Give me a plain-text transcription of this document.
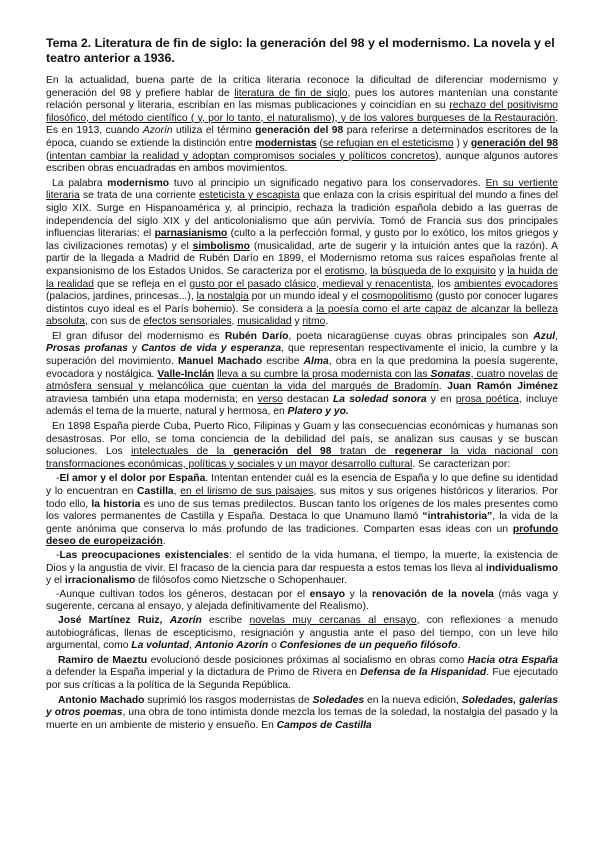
Tema 2. Literatura de fin de siglo: la generación del 98 y el modernismo. La novela y el teatro anterior a 1936.
En la actualidad, buena parte de la crítica literaria reconoce la dificultad de diferenciar modernismo y generación del 98 y prefiere hablar de literatura de fin de siglo, pues los autores mantenían una constante relación personal y literaria, escribían en las mismas publicaciones y coincidían en su rechazo del positivismo filosófico, del método científico ( y, por lo tanto, el naturalismo), y de los valores burgueses de la Restauración. Es en 1913, cuando Azorín utiliza el término generación del 98 para referirse a determinados escritores de la época, cuando se extiende la distinción entre modernistas (se refugian en el esteticismo ) y generación del 98 (intentan cambiar la realidad y adoptan compromisos sociales y políticos concretos), aunque algunos autores escriben obras encuadradas en ambos movimientos.
La palabra modernismo tuvo al principio un significado negativo para los conservadores. En su vertiente literaria se trata de una corriente esteticista y escapista que enlaza con la crisis espiritual del mundo a fines del siglo XIX. Surge en Hispanoamérica y, al principio, rechaza la tradición española debido a las guerras de independencia del siglo XIX y del anticolonialismo que aún pervivía. Tomó de Francia sus dos principales influencias literarias: el parnasianismo (culto a la perfección formal, y gusto por lo exótico, los mitos griegos y las civilizaciones remotas) y el simbolismo (musicalidad, arte de sugerir y la intuición antes que la razón). A partir de la llegada a Madrid de Rubén Darío en 1899, el Modernismo retoma sus raíces españolas frente al expansionismo de los Estados Unidos. Se caracteriza por el erotismo, la búsqueda de lo exquisito y la huida de la realidad que se refleja en el gusto por el pasado clásico, medieval y renacentista, los ambientes evocadores (palacios, jardines, princesas...), la nostalgia por un mundo ideal y el cosmopolitismo (gusto por conocer lugares distintos cuyo ideal es el París bohemio). Se considera a la poesía como el arte capaz de alcanzar la belleza absoluta, con sus de efectos sensoriales, musicalidad y ritmo.
El gran difusor del modernismo es Rubén Darío, poeta nicaragüense cuyas obras principales son Azul, Prosas profanas y Cantos de vida y esperanza, que representan respectivamente el inicio, la cumbre y la superación del movimiento. Manuel Machado escribe Alma, obra en la que predomina la poesía sugerente, evocadora y nostálgica. Valle-Inclán lleva a su cumbre la prosa modernista con las Sonatas, cuatro novelas de atmósfera sensual y melancólica que cuentan la vida del marqués de Bradomín. Juan Ramón Jiménez atraviesa también una etapa modernista; en verso destacan La soledad sonora y en prosa poética, incluye además el tema de la muerte, natural y hermosa, en Platero y yo.
En 1898 España pierde Cuba, Puerto Rico, Filipinas y Guam y las consecuencias económicas y humanas son desastrosas. Por ello, se toma conciencia de la debilidad del país, se analizan sus causas y se buscan soluciones. Los intelectuales de la generación del 98 tratan de regenerar la vida nacional con transformaciones económicas, políticas y sociales y un mayor desarrollo cultural. Se caracterizan por:
-El amor y el dolor por España. Intentan entender cuál es la esencia de España y lo que define su identidad y lo encuentran en Castilla, en el lirismo de sus paisajes, sus mitos y sus orígenes históricos y literarios. Por todo ello, la historia es uno de sus temas predilectos. Buscan tanto los orígenes de los males presentes como los valores permanentes de Castilla y España. Destaca lo que Unamuno llamó “intrahistoria”, la vida de la gente anónima que conserva lo más profundo de las tradiciones. Comparten esas ideas con un profundo deseo de europeización.
-Las preocupaciones existenciales: el sentido de la vida humana, el tiempo, la muerte, la existencia de Dios y la angustia de vivir. El fracaso de la ciencia para dar respuesta a estos temas los lleva al individualismo y el irracionalismo de filósofos como Nietzsche o Schopenhauer.
-Aunque cultivan todos los géneros, destacan por el ensayo y la renovación de la novela (más vaga y sugerente, cercana al ensayo, y alejada definitivamente del Realismo).
José Martínez Ruiz, Azorín escribe novelas muy cercanas al ensayo, con reflexiones a menudo autobiográficas, llenas de escepticismo, resignación y angustia ante el paso del tiempo, con un leve hilo argumental, como La voluntad, Antonio Azorín o Confesiones de un pequeño filósofo.
Ramiro de Maeztu evolucionó desde posiciones próximas al socialismo en obras como Hacia otra España a defender la España imperial y la dictadura de Primo de Rivera en Defensa de la Hispanidad. Fue ejecutado por sus críticas a la política de la Segunda República.
Antonio Machado suprimió los rasgos modernistas de Soledades en la nueva edición, Soledades, galerías y otros poemas, una obra de tono intimista donde mezcla los temas de la soledad, la nostalgia del pasado y la muerte en un ambiente de misterio y ensueño. En Campos de Castilla
